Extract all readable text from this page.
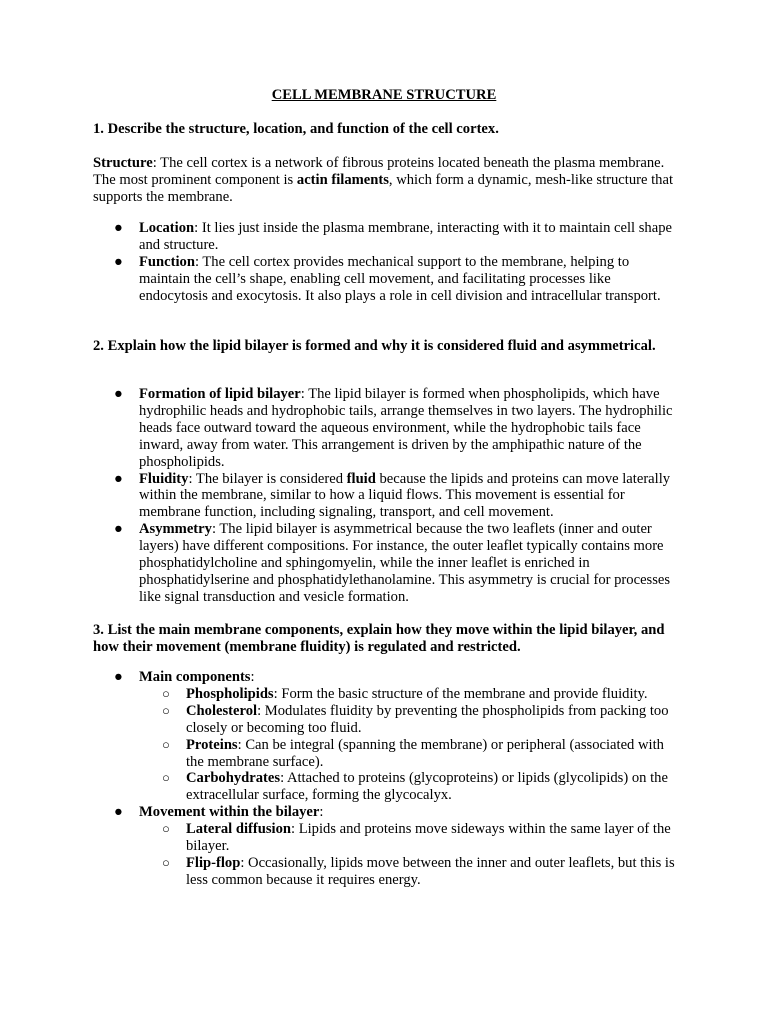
CELL MEMBRANE STRUCTURE
1. Describe the structure, location, and function of the cell cortex.
Structure: The cell cortex is a network of fibrous proteins located beneath the plasma membrane. The most prominent component is actin filaments, which form a dynamic, mesh-like structure that supports the membrane.
● Location: It lies just inside the plasma membrane, interacting with it to maintain cell shape and structure.
● Function: The cell cortex provides mechanical support to the membrane, helping to maintain the cell’s shape, enabling cell movement, and facilitating processes like endocytosis and exocytosis. It also plays a role in cell division and intracellular transport.
2. Explain how the lipid bilayer is formed and why it is considered fluid and asymmetrical.
● Formation of lipid bilayer: The lipid bilayer is formed when phospholipids, which have hydrophilic heads and hydrophobic tails, arrange themselves in two layers. The hydrophilic heads face outward toward the aqueous environment, while the hydrophobic tails face inward, away from water. This arrangement is driven by the amphipathic nature of the phospholipids.
● Fluidity: The bilayer is considered fluid because the lipids and proteins can move laterally within the membrane, similar to how a liquid flows. This movement is essential for membrane function, including signaling, transport, and cell movement.
● Asymmetry: The lipid bilayer is asymmetrical because the two leaflets (inner and outer layers) have different compositions. For instance, the outer leaflet typically contains more phosphatidylcholine and sphingomyelin, while the inner leaflet is enriched in phosphatidylserine and phosphatidylethanolamine. This asymmetry is crucial for processes like signal transduction and vesicle formation.
3. List the main membrane components, explain how they move within the lipid bilayer, and how their movement (membrane fluidity) is regulated and restricted.
● Main components:
○ Phospholipids: Form the basic structure of the membrane and provide fluidity.
○ Cholesterol: Modulates fluidity by preventing the phospholipids from packing too closely or becoming too fluid.
○ Proteins: Can be integral (spanning the membrane) or peripheral (associated with the membrane surface).
○ Carbohydrates: Attached to proteins (glycoproteins) or lipids (glycolipids) on the extracellular surface, forming the glycocalyx.
● Movement within the bilayer:
○ Lateral diffusion: Lipids and proteins move sideways within the same layer of the bilayer.
○ Flip-flop: Occasionally, lipids move between the inner and outer leaflets, but this is less common because it requires energy.
